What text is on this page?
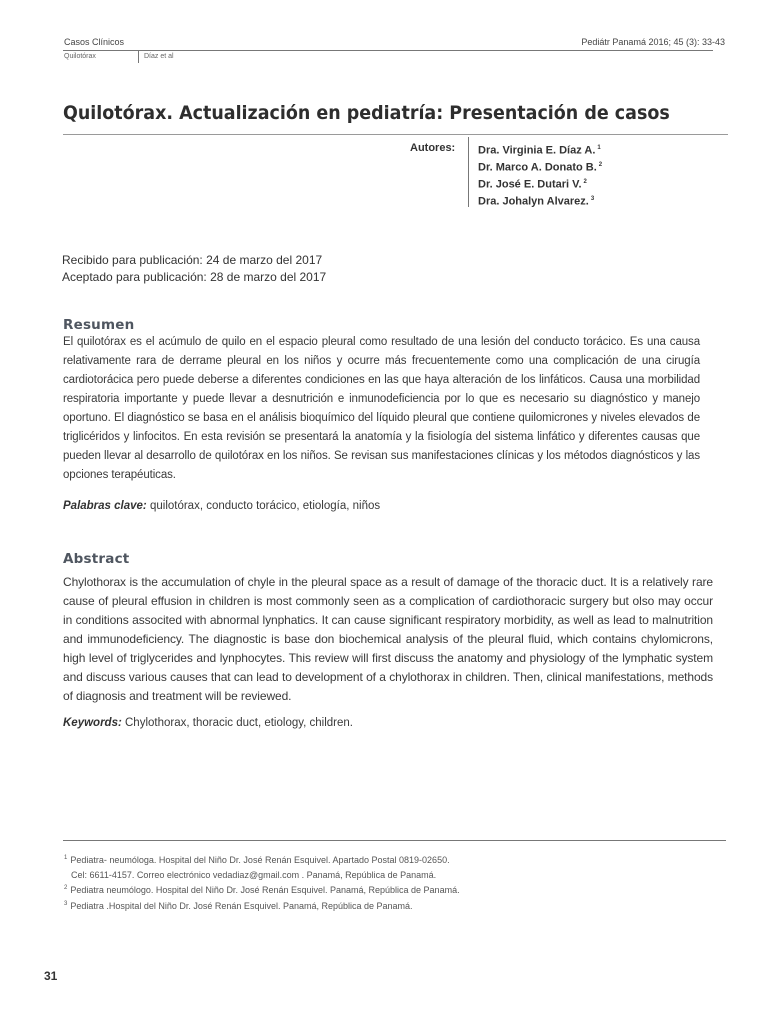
Casos Clínicos	Pediátr Panamá 2016; 45 (3): 33-43
Quilotórax	Díaz et al
Quilotórax. Actualización en pediatría: Presentación de casos
Autores: Dra. Virginia E. Díaz A. $^1$
Dr. Marco A. Donato B. $^2$
Dr. José E. Dutari V. $^2$
Dra. Johalyn Alvarez. $^3$
Recibido para publicación: 24 de marzo del 2017
Aceptado para publicación: 28 de marzo del 2017
Resumen

El quilotórax es el acúmulo de quilo en el espacio pleural como resultado de una lesión del conducto torácico. Es una causa relativamente rara de derrame pleural en los niños y ocurre más frecuentemente como una complicación de una cirugía cardiotorácica pero puede deberse a diferentes condiciones en las que haya alteración de los linfáticos. Causa una morbilidad respiratoria importante y puede llevar a desnutrición e inmunodeficiencia por lo que es necesario su diagnóstico y manejo oportuno. El diagnóstico se basa en el análisis bioquímico del líquido pleural que contiene quilomicrones y niveles elevados de triglicéridos y linfocitos. En esta revisión se presentará la anatomía y la fisiología del sistema linfático y diferentes causas que pueden llevar al desarrollo de quilotórax en los niños. Se revisan sus manifestaciones clínicas y los métodos diagnósticos y las opciones terapéuticas.

Palabras clave: quilotórax, conducto torácico, etiología, niños

Abstract

Chylothorax is the accumulation of chyle in the pleural space as a result of damage of the thoracic duct. It is a relatively rare cause of pleural effusion in children is most commonly seen as a complication of cardiothoracic surgery but olso may occur in conditions associted with abnormal lynphatics. It can cause significant respiratory morbidity, as well as lead to malnutrition and immunodeficiency. The diagnostic is base don biochemical analysis of the pleural fluid, which contains chylomicrons, high level of triglycerides and lynphocytes. This review will first discuss the anatomy and physiology of the lymphatic system and discuss various causes that can lead to development of a chylothorax in children. Then, clinical manifestations, methods of diagnosis and treatment will be reviewed.

Keywords: Chylothorax, thoracic duct, etiology, children.

$^1$ Pediatra- neumóloga. Hospital del Niño Dr. José Renán Esquivel. Apartado Postal 0819-02650.

Cel: 6611-4157. Correo electrónico vedadiaz@gmail.com . Panamá, República de Panamá.

$^2$ Pediatra neumólogo. Hospital del Niño Dr. José Renán Esquivel. Panamá, República de Panamá.

$^3$ Pediatra .Hospital del Niño Dr. José Renán Esquivel. Panamá, República de Panamá.

31
